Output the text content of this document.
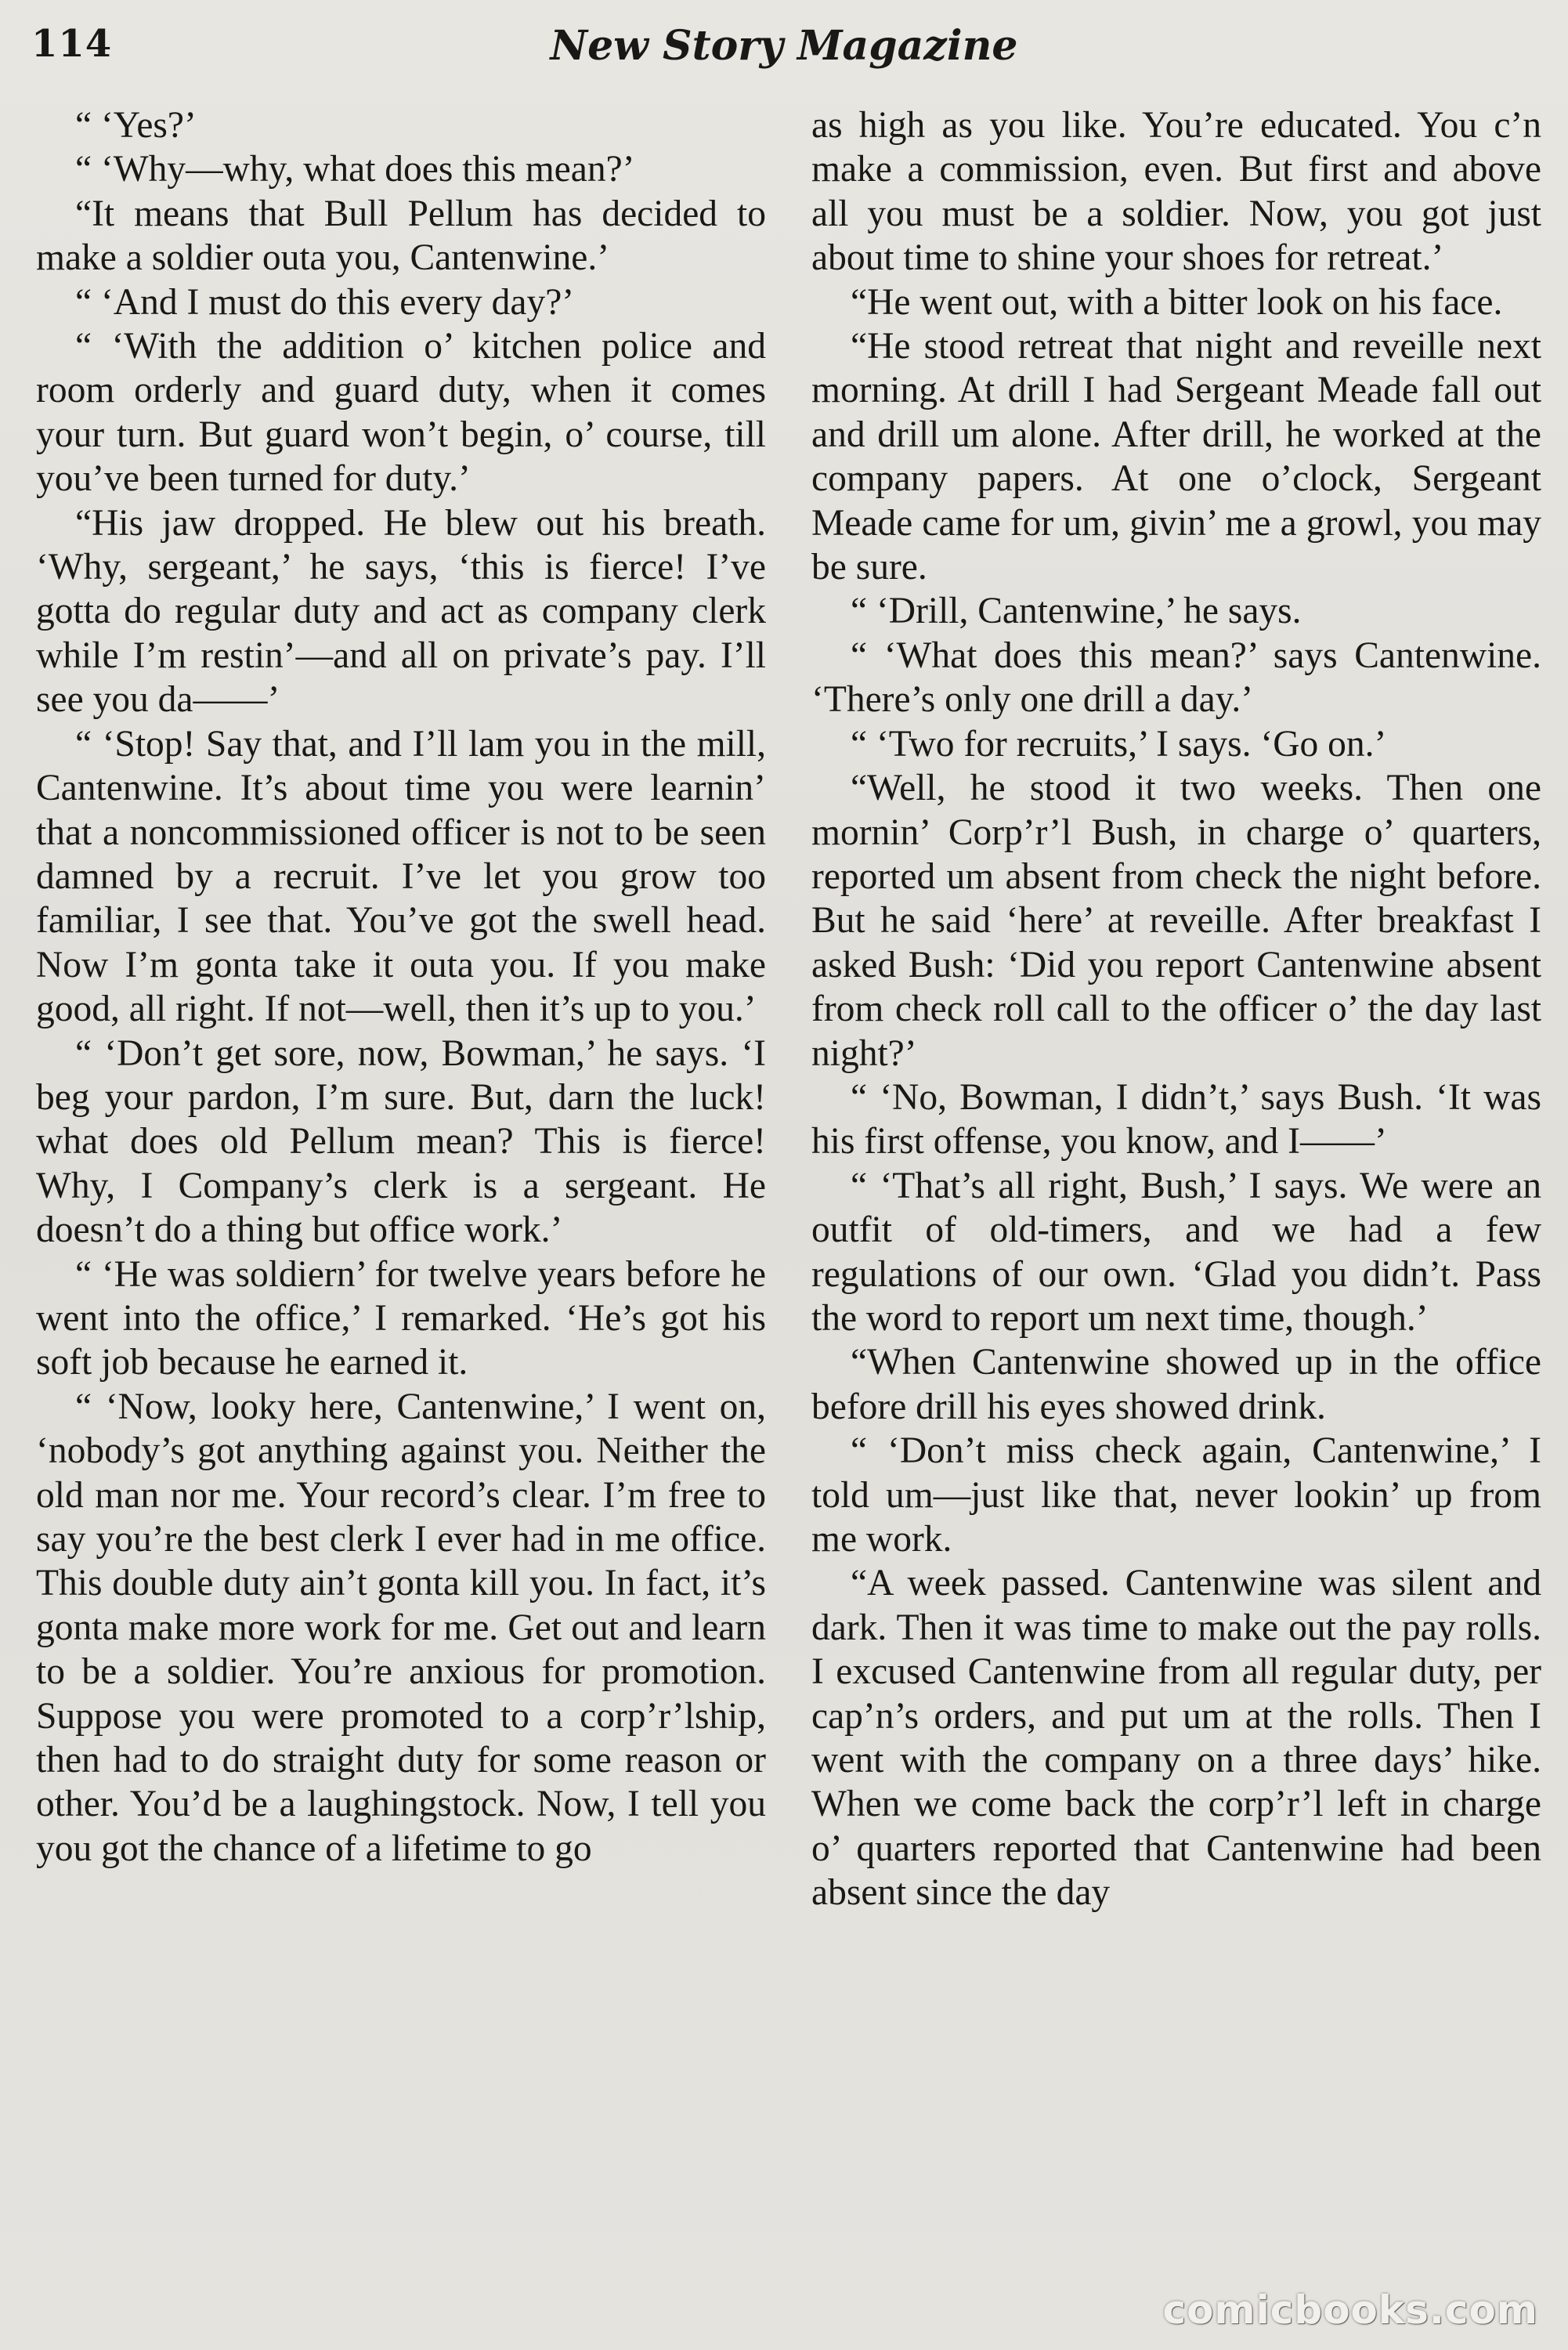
114	New Story Magazine

“ ‘Yes?’

“ ‘Why—why, what does this mean?’

“It means that Bull Pellum has decided to make a soldier outa you, Cantenwine.’

“ ‘And I must do this every day?’

“ ‘With the addition o’ kitchen police and room orderly and guard duty, when it comes your turn. But guard won’t begin, o’ course, till you’ve been turned for duty.’

“His jaw dropped. He blew out his breath. ‘Why, sergeant,’ he says, ‘this is fierce! I’ve gotta do regular duty and act as company clerk while I’m restin’—and all on private’s pay. I’ll see you da——’

“ ‘Stop! Say that, and I’ll lam you in the mill, Cantenwine. It’s about time you were learnin’ that a noncommissioned officer is not to be seen damned by a recruit. I’ve let you grow too familiar, I see that. You’ve got the swell head. Now I’m gonta take it outa you. If you make good, all right. If not—well, then it’s up to you.’

“ ‘Don’t get sore, now, Bowman,’ he says. ‘I beg your pardon, I’m sure. But, darn the luck! what does old Pellum mean? This is fierce! Why, I Company’s clerk is a sergeant. He doesn’t do a thing but office work.’

“ ‘He was soldiern’ for twelve years before he went into the office,’ I remarked. ‘He’s got his soft job because he earned it.

“ ‘Now, looky here, Cantenwine,’ I went on, ‘nobody’s got anything against you. Neither the old man nor me. Your record’s clear. I’m free to say you’re the best clerk I ever had in me office. This double duty ain’t gonta kill you. In fact, it’s gonta make more work for me. Get out and learn to be a soldier. You’re anxious for promotion. Suppose you were promoted to a corp’r’lship, then had to do straight duty for some reason or other. You’d be a laughingstock. Now, I tell you you got the chance of a lifetime to go

as high as you like. You’re educated. You c’n make a commission, even. But first and above all you must be a soldier. Now, you got just about time to shine your shoes for retreat.’

“He went out, with a bitter look on his face.

“He stood retreat that night and reveille next morning. At drill I had Sergeant Meade fall out and drill um alone. After drill, he worked at the company papers. At one o’clock, Sergeant Meade came for um, givin’ me a growl, you may be sure.

“ ‘Drill, Cantenwine,’ he says.

“ ‘What does this mean?’ says Cantenwine. ‘There’s only one drill a day.’

“ ‘Two for recruits,’ I says. ‘Go on.’

“Well, he stood it two weeks. Then one mornin’ Corp’r’l Bush, in charge o’ quarters, reported um absent from check the night before. But he said ‘here’ at reveille. After breakfast I asked Bush: ‘Did you report Cantenwine absent from check roll call to the officer o’ the day last night?’

“ ‘No, Bowman, I didn’t,’ says Bush. ‘It was his first offense, you know, and I——’

“ ‘That’s all right, Bush,’ I says. We were an outfit of old-timers, and we had a few regulations of our own. ‘Glad you didn’t. Pass the word to report um next time, though.’

“When Cantenwine showed up in the office before drill his eyes showed drink.

“ ‘Don’t miss check again, Cantenwine,’ I told um—just like that, never lookin’ up from me work.

“A week passed. Cantenwine was silent and dark. Then it was time to make out the pay rolls. I excused Cantenwine from all regular duty, per cap’n’s orders, and put um at the rolls. Then I went with the company on a three days’ hike. When we come back the corp’r’l left in charge o’ quarters reported that Cantenwine had been absent since the day

comicbooks.com
